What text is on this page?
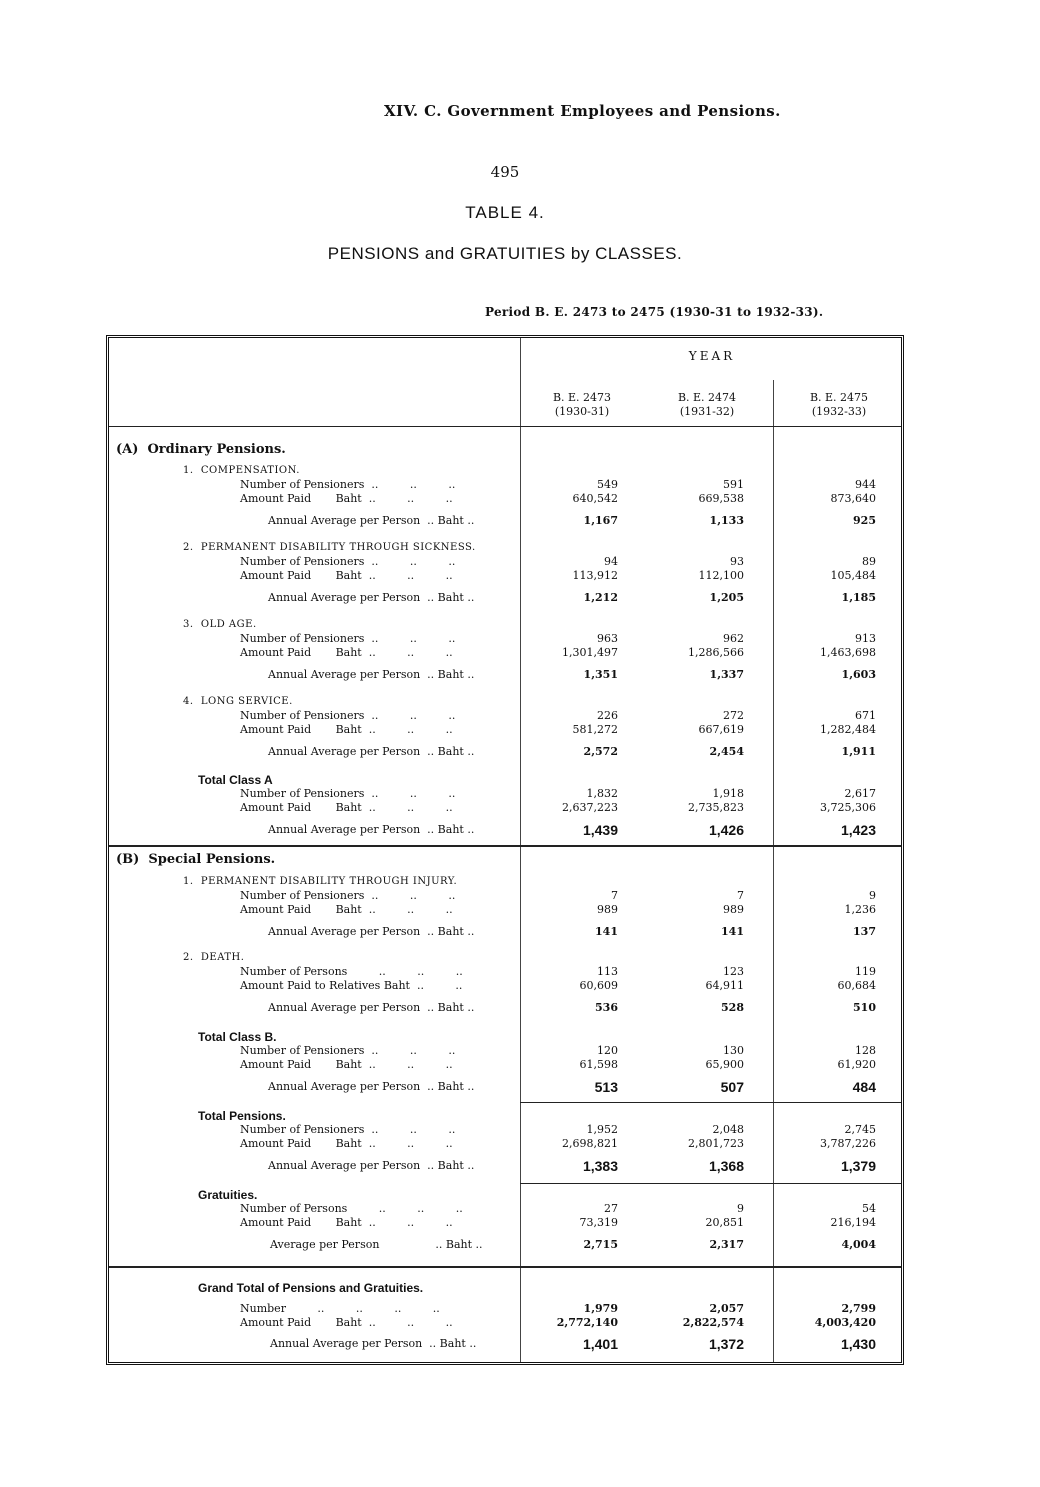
XIV. C. Government Employees and Pensions.
495
TABLE 4.
PENSIONS and GRATUITIES by CLASSES.
Period B. E. 2473 to 2475 (1930-31 to 1932-33).
YEAR
B. E. 2473
(1930-31)
B. E. 2474
(1931-32)
B. E. 2475
(1932-33)
(A)  Ordinary Pensions.
1.  COMPENSATION.
Number of Pensioners  ..         ..         ..	549	591	944
Amount Paid       Baht  ..         ..         ..	640,542	669,538	873,640
Annual Average per Person  .. Baht ..	1,167	1,133	925
2.  PERMANENT DISABILITY THROUGH SICKNESS.
Number of Pensioners  ..         ..         ..	94	93	89
Amount Paid       Baht  ..         ..         ..	113,912	112,100	105,484
Annual Average per Person  .. Baht ..	1,212	1,205	1,185
3.  OLD AGE.
Number of Pensioners  ..         ..         ..	963	962	913
Amount Paid       Baht  ..         ..         ..	1,301,497	1,286,566	1,463,698
Annual Average per Person  .. Baht ..	1,351	1,337	1,603
4.  LONG SERVICE.
Number of Pensioners  ..         ..         ..	226	272	671
Amount Paid       Baht  ..         ..         ..	581,272	667,619	1,282,484
Annual Average per Person  .. Baht ..	2,572	2,454	1,911
Total Class A
Number of Pensioners  ..         ..         ..	1,832	1,918	2,617
Amount Paid       Baht  ..         ..         ..	2,637,223	2,735,823	3,725,306
Annual Average per Person  .. Baht ..	1,439	1,426	1,423
(B)  Special Pensions.
1.  PERMANENT DISABILITY THROUGH INJURY.
Number of Pensioners  ..         ..         ..	7	7	9
Amount Paid       Baht  ..         ..         ..	989	989	1,236
Annual Average per Person  .. Baht ..	141	141	137
2.  DEATH.
Number of Persons         ..         ..         ..	113	123	119
Amount Paid to Relatives Baht  ..         ..	60,609	64,911	60,684
Annual Average per Person  .. Baht ..	536	528	510
Total Class B.
Number of Pensioners  ..         ..         ..	120	130	128
Amount Paid       Baht  ..         ..         ..	61,598	65,900	61,920
Annual Average per Person  .. Baht ..	513	507	484
Total Pensions.
Number of Pensioners  ..         ..         ..	1,952	2,048	2,745
Amount Paid       Baht  ..         ..         ..	2,698,821	2,801,723	3,787,226
Annual Average per Person  .. Baht ..	1,383	1,368	1,379
Gratuities.
Number of Persons         ..         ..         ..	27	9	54
Amount Paid       Baht  ..         ..         ..	73,319	20,851	216,194
Average per Person                .. Baht ..	2,715	2,317	4,004
Grand Total of Pensions and Gratuities.
Number         ..         ..         ..         ..	1,979	2,057	2,799
Amount Paid       Baht  ..         ..         ..	2,772,140	2,822,574	4,003,420
Annual Average per Person  .. Baht ..	1,401	1,372	1,430
